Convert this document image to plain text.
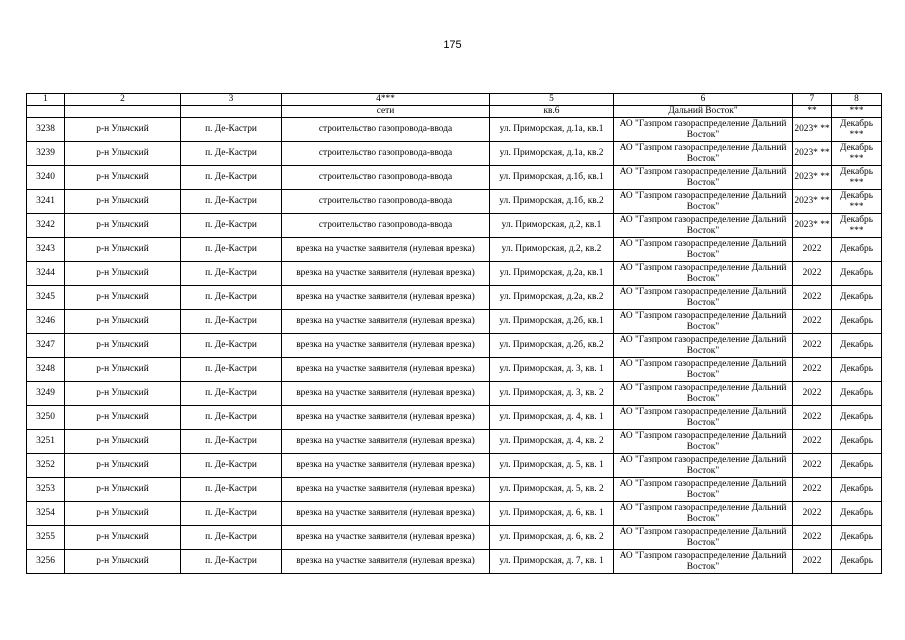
175
1	2	3	4***	5	6	7	8
			сети	кв.6	Дальний Восток"	**	***
3238	р-н Ульчский	п. Де-Кастри	строительство газопровода-ввода	ул. Приморская, д.1а, кв.1	АО "Газпром газораспределение Дальний Восток"	2023* **	Декабрь ***
3239	р-н Ульчский	п. Де-Кастри	строительство газопровода-ввода	ул. Приморская, д.1а, кв.2	АО "Газпром газораспределение Дальний Восток"	2023* **	Декабрь ***
3240	р-н Ульчский	п. Де-Кастри	строительство газопровода-ввода	ул. Приморская, д.1б, кв.1	АО "Газпром газораспределение Дальний Восток"	2023* **	Декабрь ***
3241	р-н Ульчский	п. Де-Кастри	строительство газопровода-ввода	ул. Приморская, д.1б, кв.2	АО "Газпром газораспределение Дальний Восток"	2023* **	Декабрь ***
3242	р-н Ульчский	п. Де-Кастри	строительство газопровода-ввода	ул. Приморская, д.2, кв.1	АО "Газпром газораспределение Дальний Восток"	2023* **	Декабрь ***
3243	р-н Ульчский	п. Де-Кастри	врезка на участке заявителя (нулевая врезка)	ул. Приморская, д.2, кв.2	АО "Газпром газораспределение Дальний Восток"	2022	Декабрь
3244	р-н Ульчский	п. Де-Кастри	врезка на участке заявителя (нулевая врезка)	ул. Приморская, д.2а, кв.1	АО "Газпром газораспределение Дальний Восток"	2022	Декабрь
3245	р-н Ульчский	п. Де-Кастри	врезка на участке заявителя (нулевая врезка)	ул. Приморская, д.2а, кв.2	АО "Газпром газораспределение Дальний Восток"	2022	Декабрь
3246	р-н Ульчский	п. Де-Кастри	врезка на участке заявителя (нулевая врезка)	ул. Приморская, д.2б, кв.1	АО "Газпром газораспределение Дальний Восток"	2022	Декабрь
3247	р-н Ульчский	п. Де-Кастри	врезка на участке заявителя (нулевая врезка)	ул. Приморская, д.2б, кв.2	АО "Газпром газораспределение Дальний Восток"	2022	Декабрь
3248	р-н Ульчский	п. Де-Кастри	врезка на участке заявителя (нулевая врезка)	ул. Приморская, д. 3, кв. 1	АО "Газпром газораспределение Дальний Восток"	2022	Декабрь
3249	р-н Ульчский	п. Де-Кастри	врезка на участке заявителя (нулевая врезка)	ул. Приморская, д. 3, кв. 2	АО "Газпром газораспределение Дальний Восток"	2022	Декабрь
3250	р-н Ульчский	п. Де-Кастри	врезка на участке заявителя (нулевая врезка)	ул. Приморская, д. 4, кв. 1	АО "Газпром газораспределение Дальний Восток"	2022	Декабрь
3251	р-н Ульчский	п. Де-Кастри	врезка на участке заявителя (нулевая врезка)	ул. Приморская, д. 4, кв. 2	АО "Газпром газораспределение Дальний Восток"	2022	Декабрь
3252	р-н Ульчский	п. Де-Кастри	врезка на участке заявителя (нулевая врезка)	ул. Приморская, д. 5, кв. 1	АО "Газпром газораспределение Дальний Восток"	2022	Декабрь
3253	р-н Ульчский	п. Де-Кастри	врезка на участке заявителя (нулевая врезка)	ул. Приморская, д. 5, кв. 2	АО "Газпром газораспределение Дальний Восток"	2022	Декабрь
3254	р-н Ульчский	п. Де-Кастри	врезка на участке заявителя (нулевая врезка)	ул. Приморская, д. 6, кв. 1	АО "Газпром газораспределение Дальний Восток"	2022	Декабрь
3255	р-н Ульчский	п. Де-Кастри	врезка на участке заявителя (нулевая врезка)	ул. Приморская, д. 6, кв. 2	АО "Газпром газораспределение Дальний Восток"	2022	Декабрь
3256	р-н Ульчский	п. Де-Кастри	врезка на участке заявителя (нулевая врезка)	ул. Приморская, д. 7, кв. 1	АО "Газпром газораспределение Дальний Восток"	2022	Декабрь
